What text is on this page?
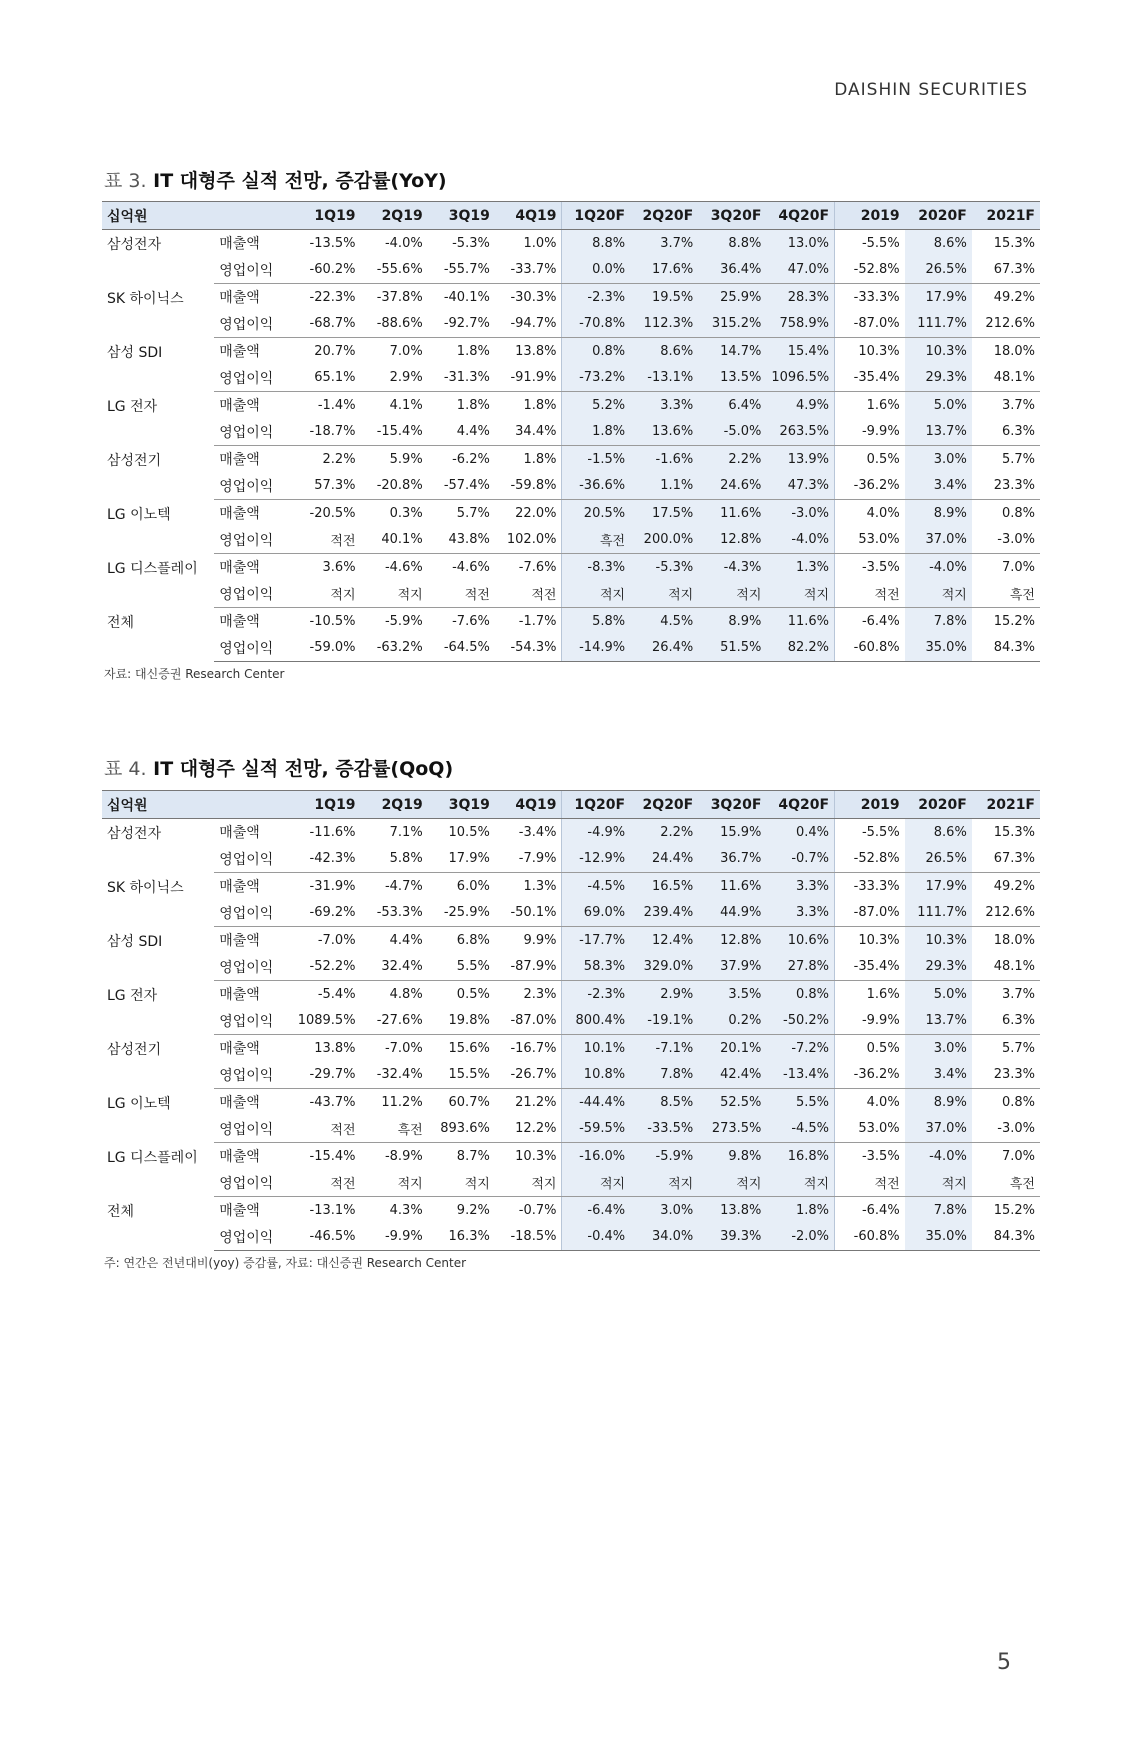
DAISHIN SECURITIES
표 3. IT 대형주 실적 전망, 증감률(YoY)
십억원		1Q19	2Q19	3Q19	4Q19	1Q20F	2Q20F	3Q20F	4Q20F	2019	2020F	2021F
삼성전자	매출액	-13.5%	-4.0%	-5.3%	1.0%	8.8%	3.7%	8.8%	13.0%	-5.5%	8.6%	15.3%
	영업이익	-60.2%	-55.6%	-55.7%	-33.7%	0.0%	17.6%	36.4%	47.0%	-52.8%	26.5%	67.3%
SK 하이닉스	매출액	-22.3%	-37.8%	-40.1%	-30.3%	-2.3%	19.5%	25.9%	28.3%	-33.3%	17.9%	49.2%
	영업이익	-68.7%	-88.6%	-92.7%	-94.7%	-70.8%	112.3%	315.2%	758.9%	-87.0%	111.7%	212.6%
삼성 SDI	매출액	20.7%	7.0%	1.8%	13.8%	0.8%	8.6%	14.7%	15.4%	10.3%	10.3%	18.0%
	영업이익	65.1%	2.9%	-31.3%	-91.9%	-73.2%	-13.1%	13.5%	1096.5%	-35.4%	29.3%	48.1%
LG 전자	매출액	-1.4%	4.1%	1.8%	1.8%	5.2%	3.3%	6.4%	4.9%	1.6%	5.0%	3.7%
	영업이익	-18.7%	-15.4%	4.4%	34.4%	1.8%	13.6%	-5.0%	263.5%	-9.9%	13.7%	6.3%
삼성전기	매출액	2.2%	5.9%	-6.2%	1.8%	-1.5%	-1.6%	2.2%	13.9%	0.5%	3.0%	5.7%
	영업이익	57.3%	-20.8%	-57.4%	-59.8%	-36.6%	1.1%	24.6%	47.3%	-36.2%	3.4%	23.3%
LG 이노텍	매출액	-20.5%	0.3%	5.7%	22.0%	20.5%	17.5%	11.6%	-3.0%	4.0%	8.9%	0.8%
	영업이익	적전	40.1%	43.8%	102.0%	흑전	200.0%	12.8%	-4.0%	53.0%	37.0%	-3.0%
LG 디스플레이	매출액	3.6%	-4.6%	-4.6%	-7.6%	-8.3%	-5.3%	-4.3%	1.3%	-3.5%	-4.0%	7.0%
	영업이익	적지	적지	적전	적전	적지	적지	적지	적지	적전	적지	흑전
전체	매출액	-10.5%	-5.9%	-7.6%	-1.7%	5.8%	4.5%	8.9%	11.6%	-6.4%	7.8%	15.2%
	영업이익	-59.0%	-63.2%	-64.5%	-54.3%	-14.9%	26.4%	51.5%	82.2%	-60.8%	35.0%	84.3%
자료: 대신증권 Research Center
표 4. IT 대형주 실적 전망, 증감률(QoQ)
십억원		1Q19	2Q19	3Q19	4Q19	1Q20F	2Q20F	3Q20F	4Q20F	2019	2020F	2021F
삼성전자	매출액	-11.6%	7.1%	10.5%	-3.4%	-4.9%	2.2%	15.9%	0.4%	-5.5%	8.6%	15.3%
	영업이익	-42.3%	5.8%	17.9%	-7.9%	-12.9%	24.4%	36.7%	-0.7%	-52.8%	26.5%	67.3%
SK 하이닉스	매출액	-31.9%	-4.7%	6.0%	1.3%	-4.5%	16.5%	11.6%	3.3%	-33.3%	17.9%	49.2%
	영업이익	-69.2%	-53.3%	-25.9%	-50.1%	69.0%	239.4%	44.9%	3.3%	-87.0%	111.7%	212.6%
삼성 SDI	매출액	-7.0%	4.4%	6.8%	9.9%	-17.7%	12.4%	12.8%	10.6%	10.3%	10.3%	18.0%
	영업이익	-52.2%	32.4%	5.5%	-87.9%	58.3%	329.0%	37.9%	27.8%	-35.4%	29.3%	48.1%
LG 전자	매출액	-5.4%	4.8%	0.5%	2.3%	-2.3%	2.9%	3.5%	0.8%	1.6%	5.0%	3.7%
	영업이익	1089.5%	-27.6%	19.8%	-87.0%	800.4%	-19.1%	0.2%	-50.2%	-9.9%	13.7%	6.3%
삼성전기	매출액	13.8%	-7.0%	15.6%	-16.7%	10.1%	-7.1%	20.1%	-7.2%	0.5%	3.0%	5.7%
	영업이익	-29.7%	-32.4%	15.5%	-26.7%	10.8%	7.8%	42.4%	-13.4%	-36.2%	3.4%	23.3%
LG 이노텍	매출액	-43.7%	11.2%	60.7%	21.2%	-44.4%	8.5%	52.5%	5.5%	4.0%	8.9%	0.8%
	영업이익	적전	흑전	893.6%	12.2%	-59.5%	-33.5%	273.5%	-4.5%	53.0%	37.0%	-3.0%
LG 디스플레이	매출액	-15.4%	-8.9%	8.7%	10.3%	-16.0%	-5.9%	9.8%	16.8%	-3.5%	-4.0%	7.0%
	영업이익	적전	적지	적지	적지	적지	적지	적지	적지	적전	적지	흑전
전체	매출액	-13.1%	4.3%	9.2%	-0.7%	-6.4%	3.0%	13.8%	1.8%	-6.4%	7.8%	15.2%
	영업이익	-46.5%	-9.9%	16.3%	-18.5%	-0.4%	34.0%	39.3%	-2.0%	-60.8%	35.0%	84.3%
주: 연간은 전년대비(yoy) 증감률, 자료: 대신증권 Research Center
5
